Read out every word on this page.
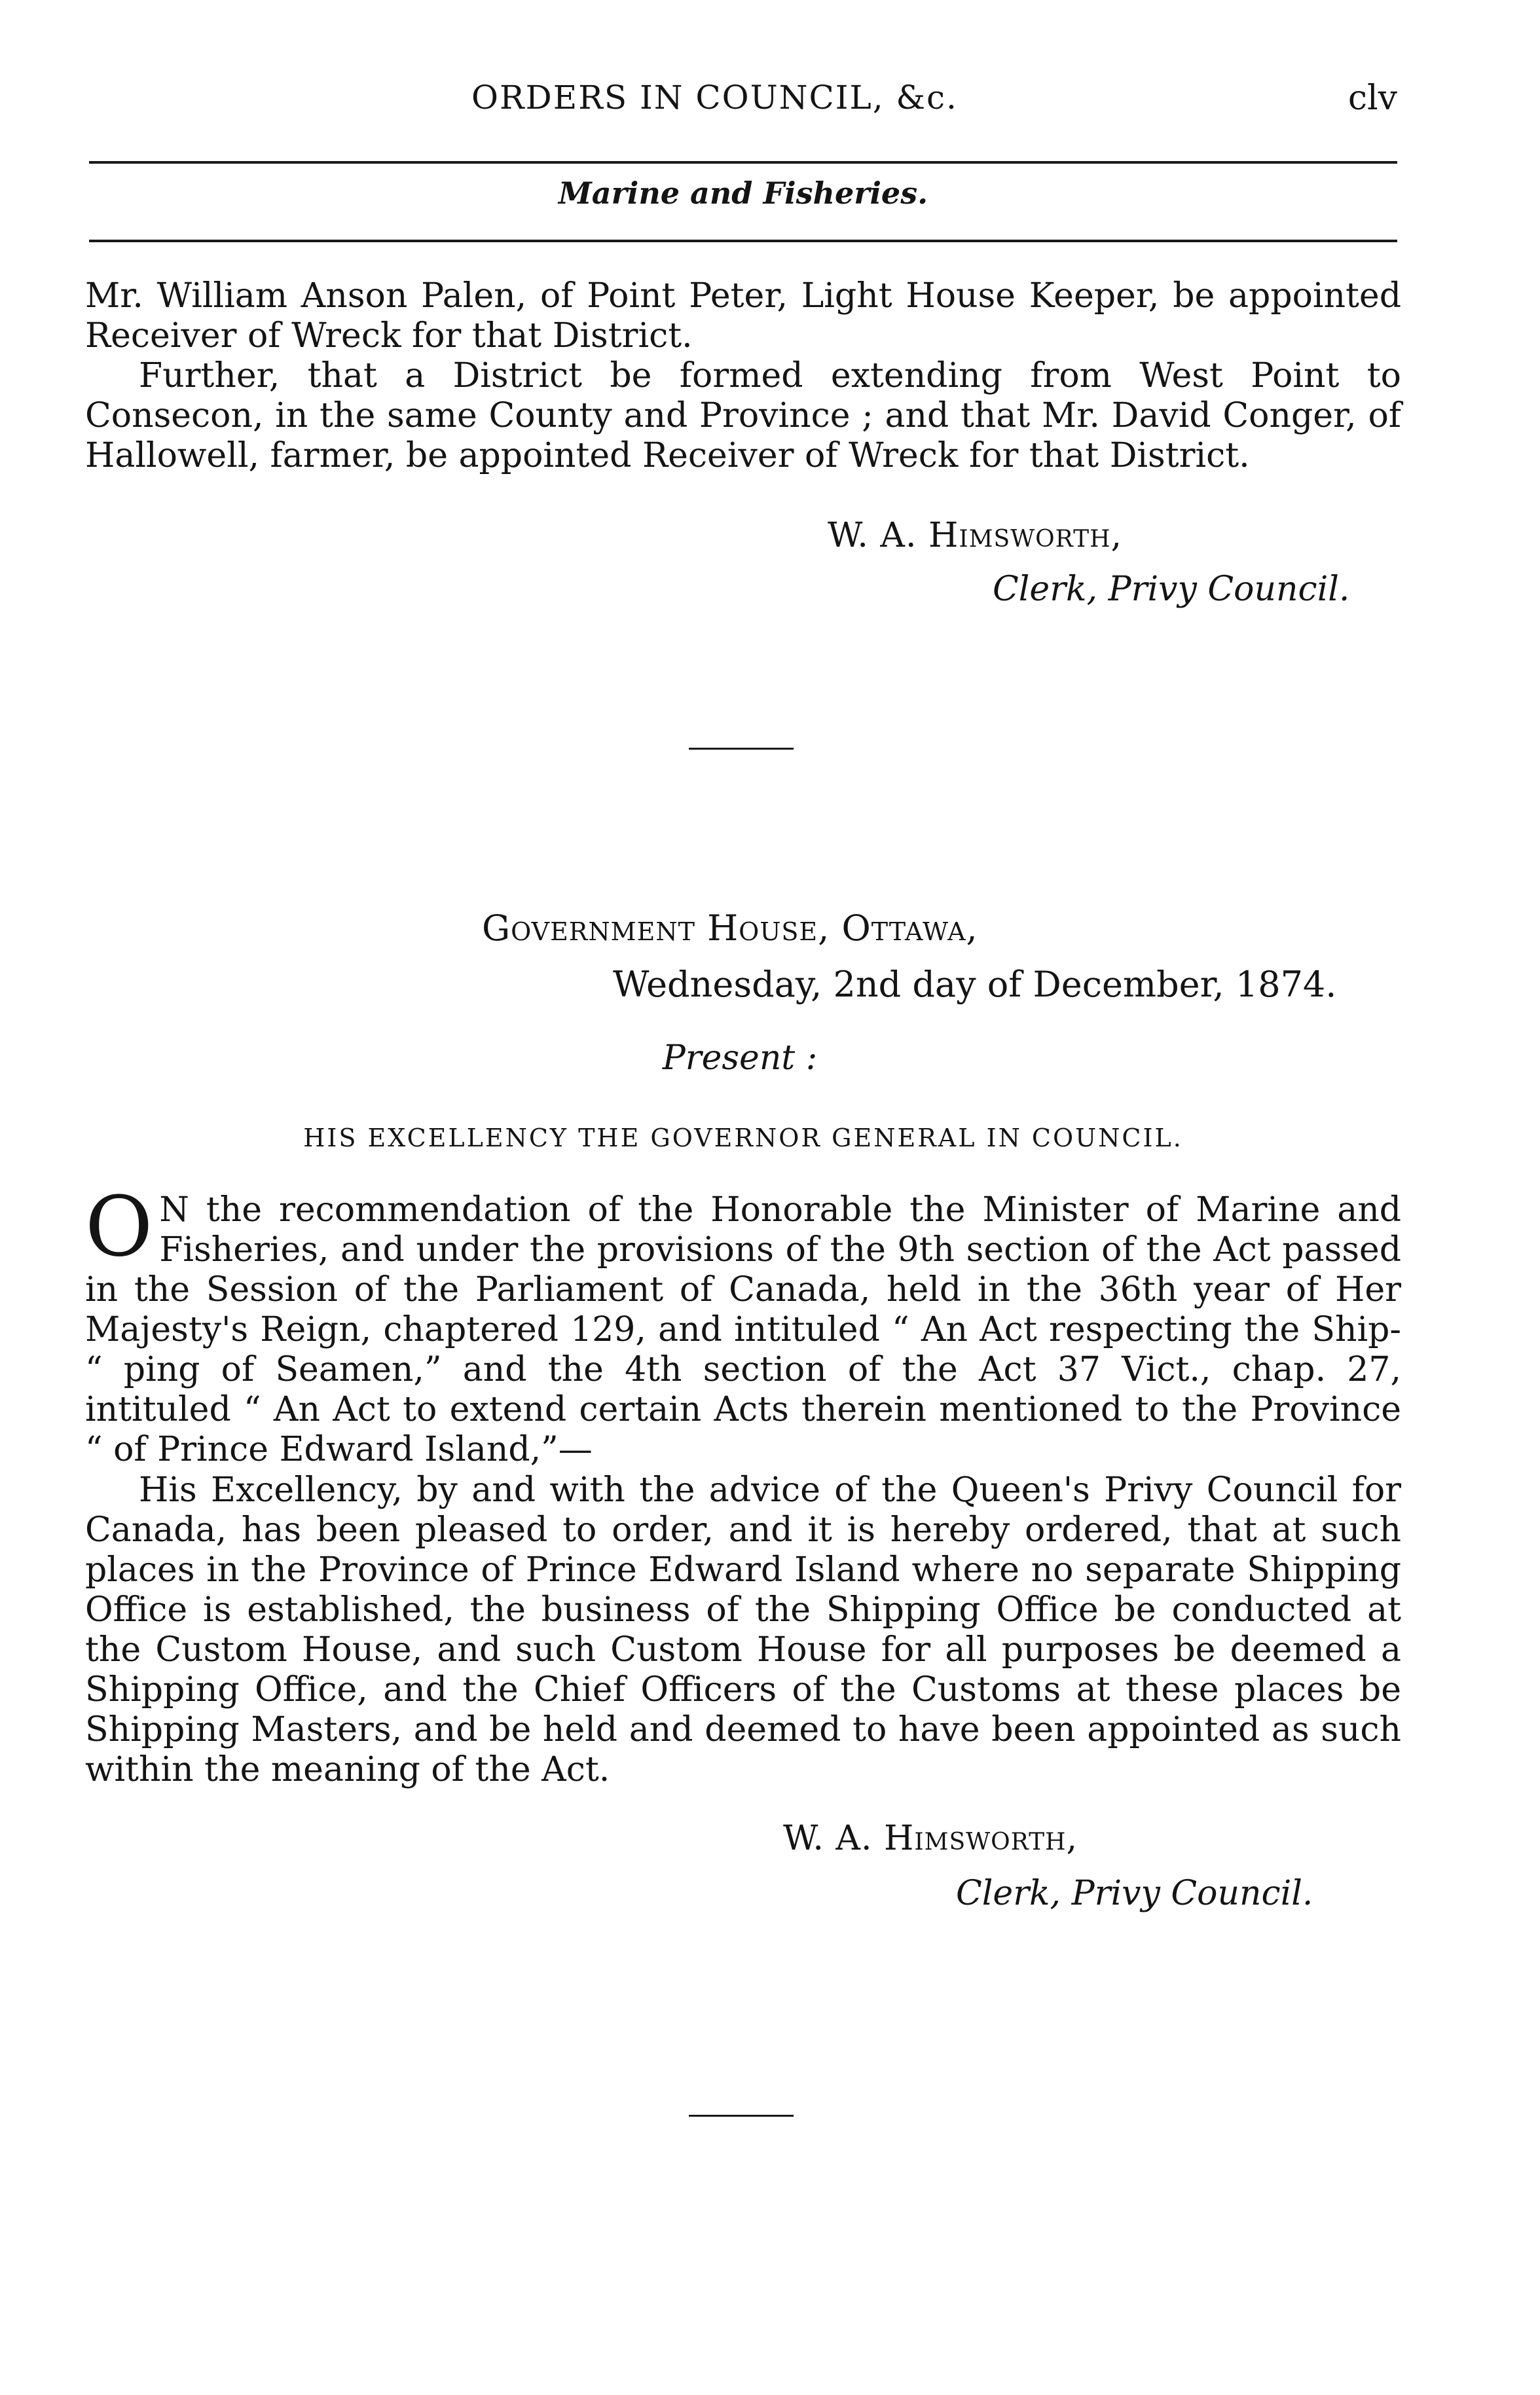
ORDERS IN COUNCIL, &c.	clv
Marine and Fisheries.
Mr. William Anson Palen, of Point Peter, Light House Keeper, be appointed Receiver of Wreck for that District.
Further, that a District be formed extending from West Point to Consecon, in the same County and Province ; and that Mr. David Conger, of Hallowell, farmer, be appointed Receiver of Wreck for that District.
W. A. Himsworth,
Clerk, Privy Council.
Government House, Ottawa,
Wednesday, 2nd day of December, 1874.
Present :
HIS EXCELLENCY THE GOVERNOR GENERAL IN COUNCIL.
O N the recommendation of the Honorable the Minister of Marine and Fisheries, and under the provisions of the 9th section of the Act passed in the Session of the Parliament of Canada, held in the 36th year of Her Majesty's Reign, chaptered 129, and intituled “ An Act respecting the Ship- “ ping of Seamen,” and the 4th section of the Act 37 Vict., chap. 27, intituled “ An Act to extend certain Acts therein mentioned to the Province “ of Prince Edward Island,”—
His Excellency, by and with the advice of the Queen's Privy Council for Canada, has been pleased to order, and it is hereby ordered, that at such places in the Province of Prince Edward Island where no separate Shipping Office is established, the business of the Shipping Office be conducted at the Custom House, and such Custom House for all purposes be deemed a Shipping Office, and the Chief Officers of the Customs at these places be Shipping Masters, and be held and deemed to have been appointed as such within the meaning of the Act.
W. A. Himsworth,
Clerk, Privy Council.
